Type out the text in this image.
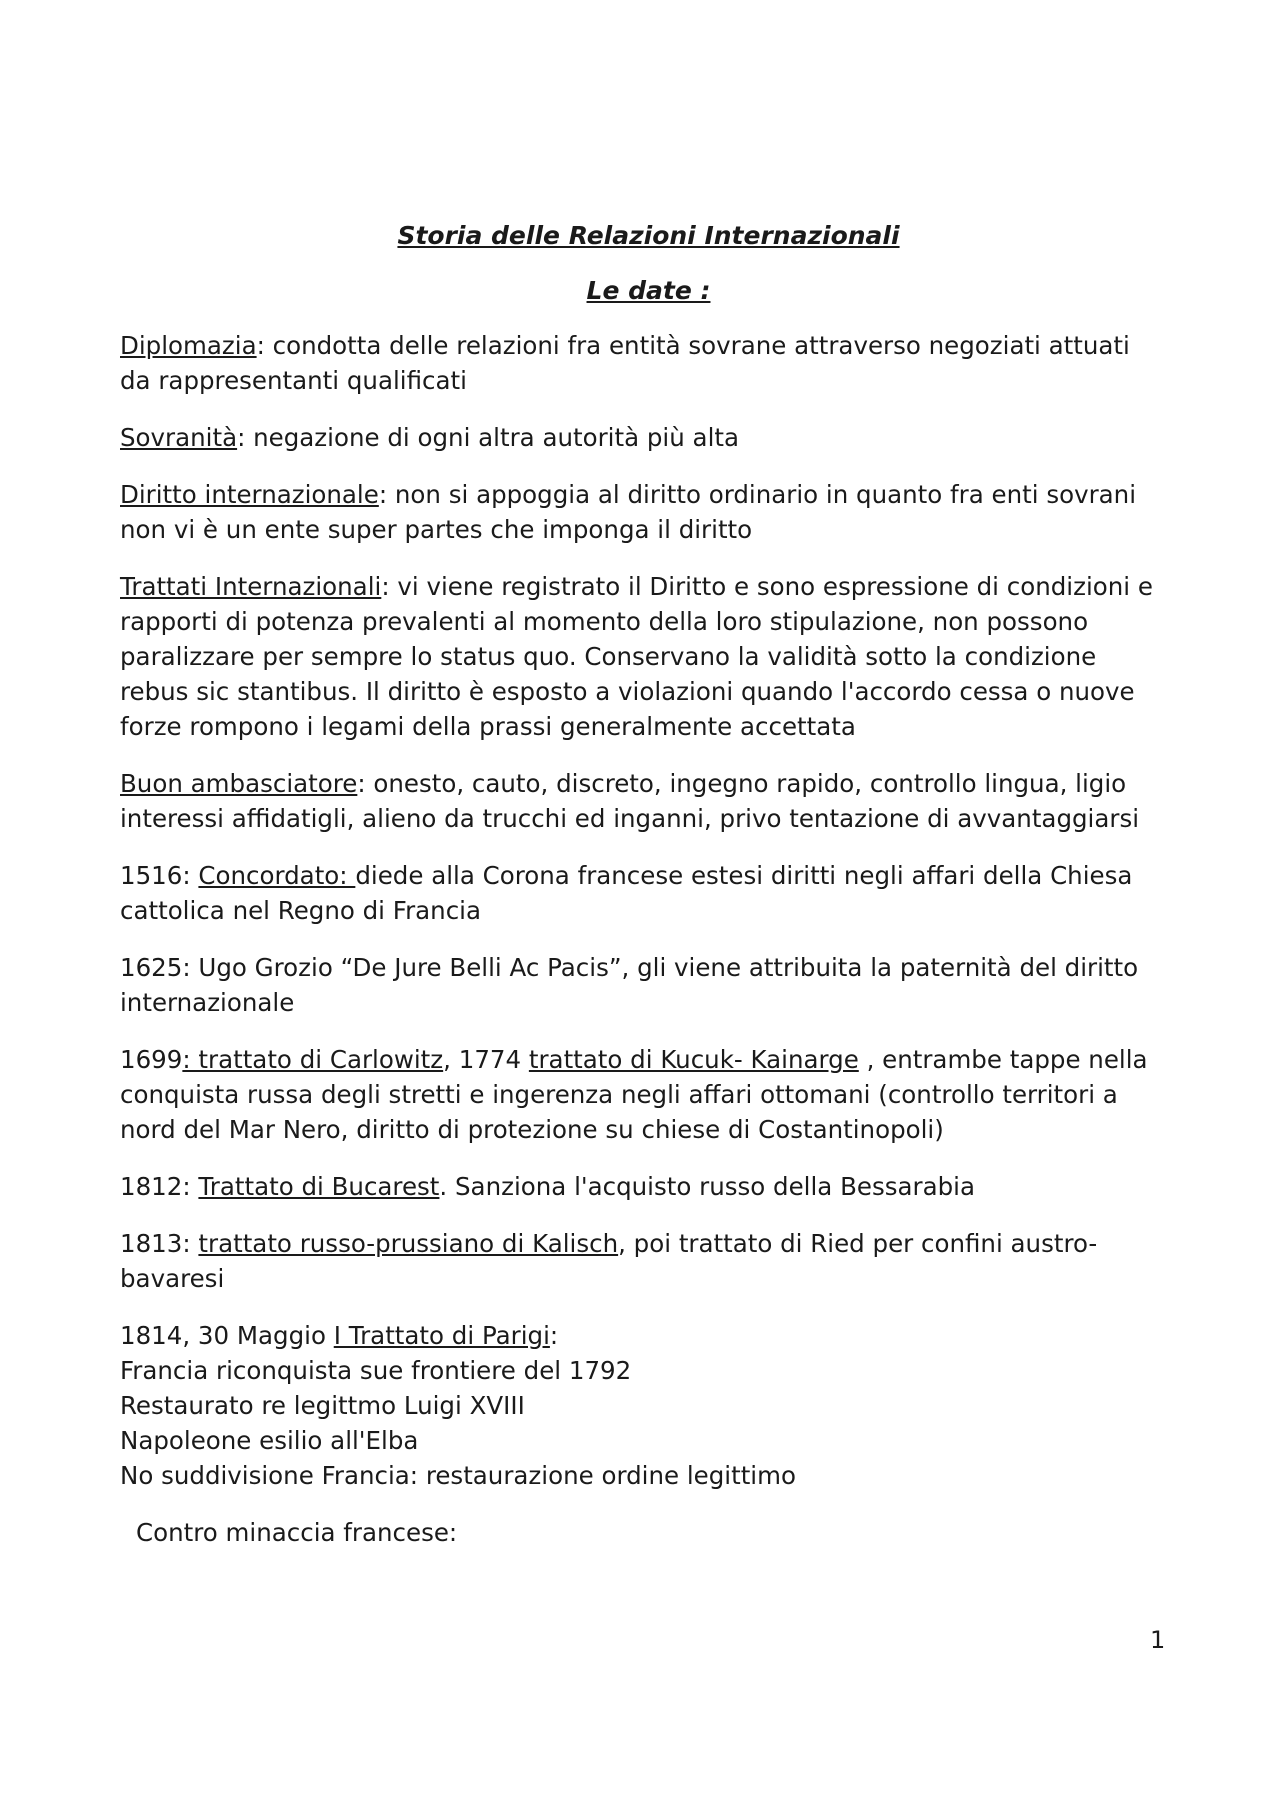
Storia delle Relazioni Internazionali
Le date :

Diplomazia: condotta delle relazioni fra entità sovrane attraverso negoziati attuati da rappresentanti qualificati

Sovranità: negazione di ogni altra autorità più alta

Diritto internazionale: non si appoggia al diritto ordinario in quanto fra enti sovrani non vi è un ente super partes che imponga il diritto

Trattati Internazionali: vi viene registrato il Diritto e sono espressione di condizioni e rapporti di potenza prevalenti al momento della loro stipulazione, non possono paralizzare per sempre lo status quo. Conservano la validità sotto la condizione rebus sic stantibus. Il diritto è esposto a violazioni quando l'accordo cessa o nuove forze rompono i legami della prassi generalmente accettata

Buon ambasciatore: onesto, cauto, discreto, ingegno rapido, controllo lingua, ligio interessi affidatigli, alieno da trucchi ed inganni, privo tentazione di avvantaggiarsi

1516: Concordato: diede alla Corona francese estesi diritti negli affari della Chiesa cattolica nel Regno di Francia

1625: Ugo Grozio “De Jure Belli Ac Pacis”, gli viene attribuita la paternità del diritto internazionale

1699: trattato di Carlowitz, 1774 trattato di Kucuk- Kainarge , entrambe tappe nella conquista russa degli stretti e ingerenza negli affari ottomani (controllo territori a nord del Mar Nero, diritto di protezione su chiese di Costantinopoli)

1812: Trattato di Bucarest. Sanziona l'acquisto russo della Bessarabia

1813: trattato russo-prussiano di Kalisch, poi trattato di Ried per confini austro-bavaresi

1814, 30 Maggio I Trattato di Parigi:
Francia riconquista sue frontiere del 1792
Restaurato re legittmo Luigi XVIII
Napoleone esilio all'Elba
No suddivisione Francia: restaurazione ordine legittimo

Contro minaccia francese:

1
